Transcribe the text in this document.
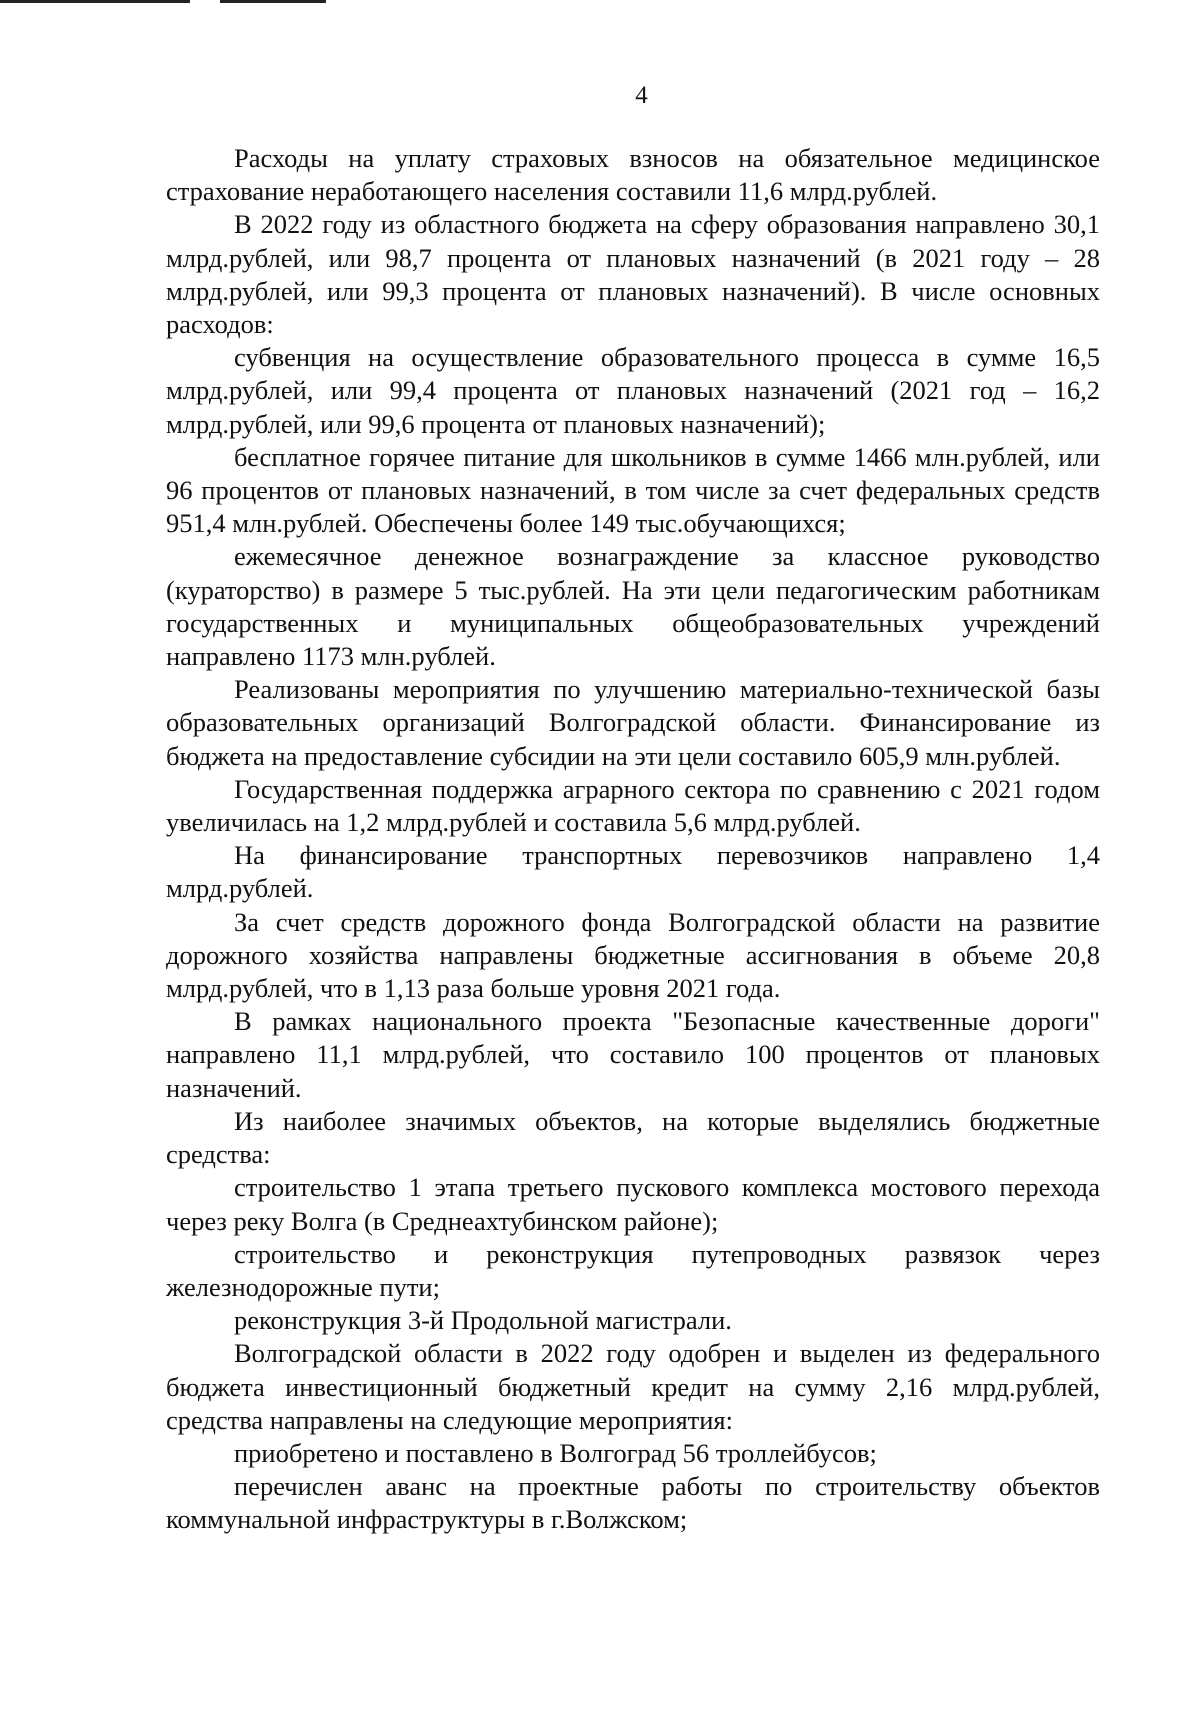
4

Расходы на уплату страховых взносов на обязательное медицинское страхование неработающего населения составили 11,6 млрд.рублей.

В 2022 году из областного бюджета на сферу образования направлено 30,1 млрд.рублей, или 98,7 процента от плановых назначений (в 2021 году – 28 млрд.рублей, или 99,3 процента от плановых назначений). В числе основных расходов:

субвенция на осуществление образовательного процесса в сумме 16,5 млрд.рублей, или 99,4 процента от плановых назначений (2021 год – 16,2 млрд.рублей, или 99,6 процента от плановых назначений);

бесплатное горячее питание для школьников в сумме 1466 млн.рублей, или 96 процентов от плановых назначений, в том числе за счет федеральных средств 951,4 млн.рублей. Обеспечены более 149 тыс.обучающихся;

ежемесячное денежное вознаграждение за классное руководство (кураторство) в размере 5 тыс.рублей. На эти цели педагогическим работникам государственных и муниципальных общеобразовательных учреждений направлено 1173 млн.рублей.

Реализованы мероприятия по улучшению материально-технической базы образовательных организаций Волгоградской области. Финансирование из бюджета на предоставление субсидии на эти цели составило 605,9 млн.рублей.

Государственная поддержка аграрного сектора по сравнению с 2021 годом увеличилась на 1,2 млрд.рублей и составила 5,6 млрд.рублей.

На финансирование транспортных перевозчиков направлено 1,4 млрд.рублей.

За счет средств дорожного фонда Волгоградской области на развитие дорожного хозяйства направлены бюджетные ассигнования в объеме 20,8 млрд.рублей, что в 1,13 раза больше уровня 2021 года.

В рамках национального проекта "Безопасные качественные дороги" направлено 11,1 млрд.рублей, что составило 100 процентов от плановых назначений.

Из наиболее значимых объектов, на которые выделялись бюджетные средства:

строительство 1 этапа третьего пускового комплекса мостового перехода через реку Волга (в Среднеахтубинском районе);

строительство и реконструкция путепроводных развязок через железнодорожные пути;

реконструкция 3-й Продольной магистрали.

Волгоградской области в 2022 году одобрен и выделен из федерального бюджета инвестиционный бюджетный кредит на сумму 2,16 млрд.рублей, средства направлены на следующие мероприятия:

приобретено и поставлено в Волгоград 56 троллейбусов;

перечислен аванс на проектные работы по строительству объектов коммунальной инфраструктуры в г.Волжском;
